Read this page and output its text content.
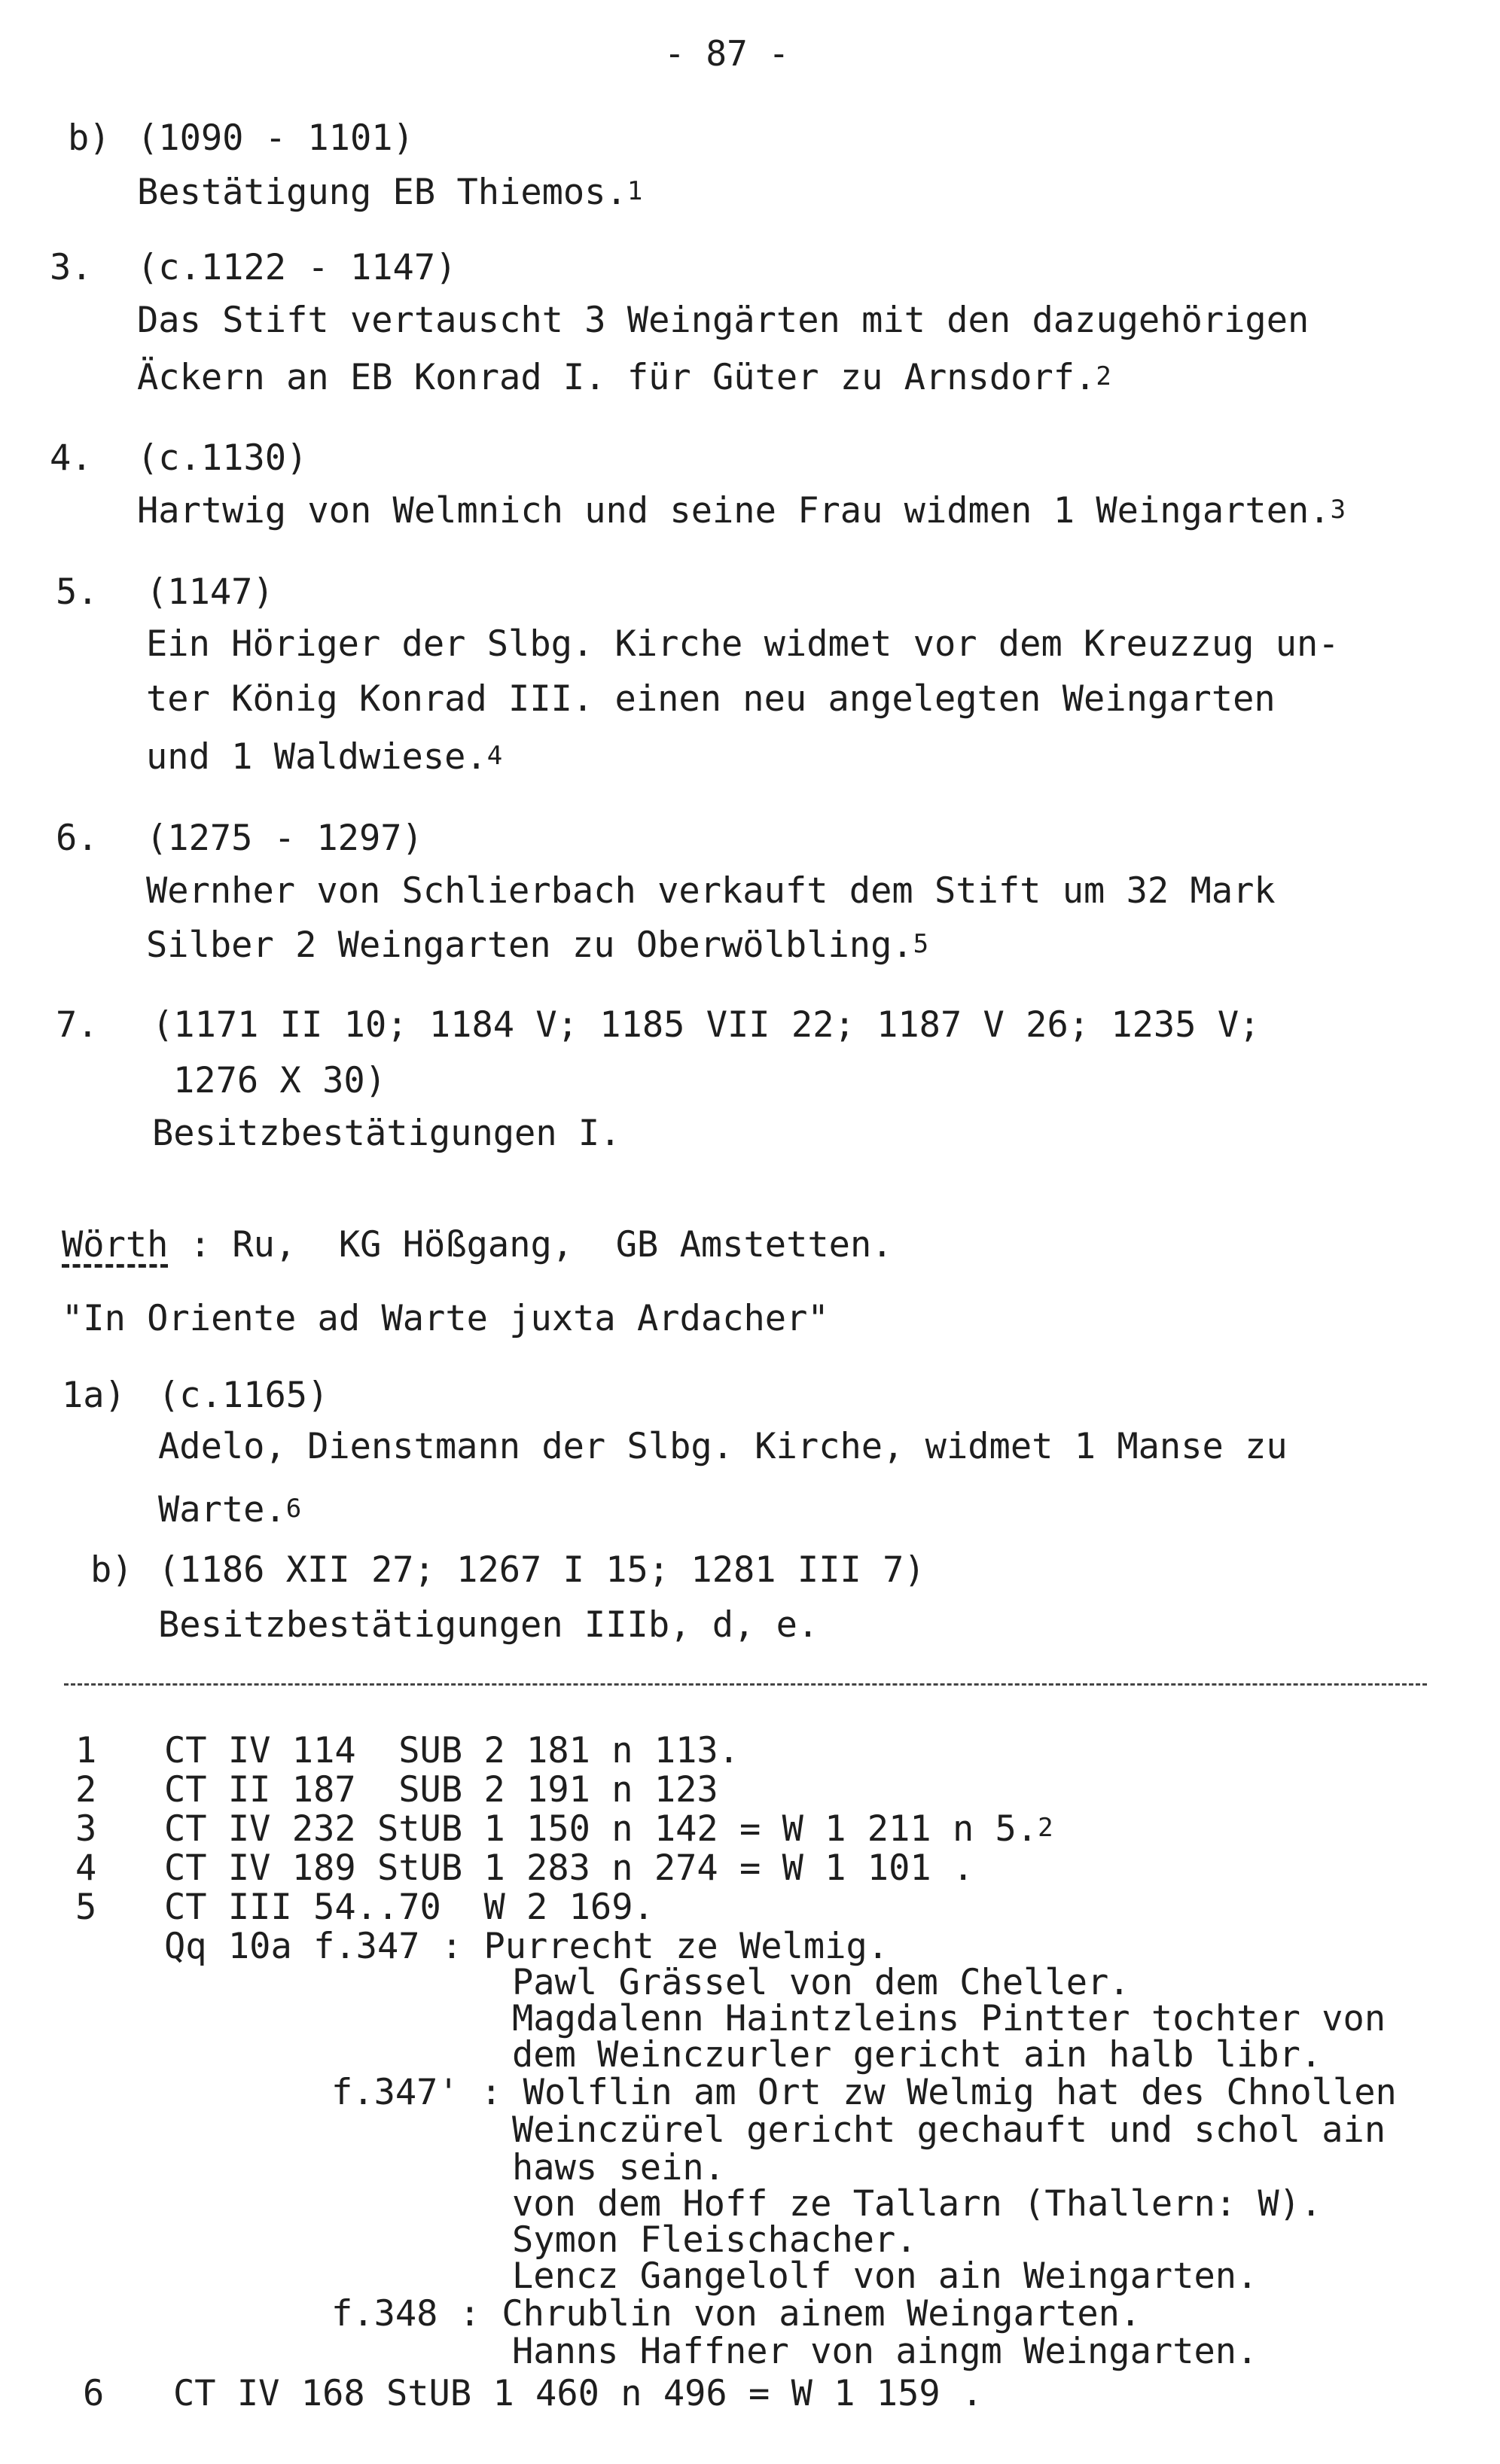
- 87 -
b) (1090 - 1101)
Bestätigung EB Thiemos.$^1$
3. (c.1122 - 1147)
Das Stift vertauscht 3 Weingärten mit den dazugehörigen
Äckern an EB Konrad I. für Güter zu Arnsdorf.$^2$
4. (c.1130)
Hartwig von Welmnich und seine Frau widmen 1 Weingarten.$^3$
5. (1147)
Ein Höriger der Slbg. Kirche widmet vor dem Kreuzzug un-
ter König Konrad III. einen neu angelegten Weingarten
und 1 Waldwiese.$^4$
6. (1275 - 1297)
Wernher von Schlierbach verkauft dem Stift um 32 Mark
Silber 2 Weingarten zu Oberwölbling.$^5$
7. (1171 II 10; 1184 V; 1185 VII 22; 1187 V 26; 1235 V;
1276 X 30)
Besitzbestätigungen I.
Wörth : Ru,  KG Hößgang,  GB Amstetten.
"In Oriente ad Warte juxta Ardacher"
1a) (c.1165)
Adelo, Dienstmann der Slbg. Kirche, widmet 1 Manse zu
Warte.$^6$
b) (1186 XII 27; 1267 I 15; 1281 III 7)
Besitzbestätigungen IIIb, d, e.
1 CT IV 114  SUB 2 181 n 113.
2 CT II 187  SUB 2 191 n 123
3 CT IV 232 StUB 1 150 n 142 = W 1 211 n 5.$^2$
4 CT IV 189 StUB 1 283 n 274 = W 1 101 .
5 CT III 54..70  W 2 169.
Qq 10a f.347 : Purrecht ze Welmig.
Pawl Grässel von dem Cheller.
Magdalenn Haintzleins Pintter tochter von
dem Weinczurler gericht ain halb libr.
f.347' : Wolflin am Ort zw Welmig hat des Chnollen
Weinczürel gericht gechauft und schol ain
haws sein.
von dem Hoff ze Tallarn (Thallern: W).
Symon Fleischacher.
Lencz Gangelolf von ain Weingarten.
f.348 : Chrublin von ainem Weingarten.
Hanns Haffner von aingm Weingarten.
6 CT IV 168 StUB 1 460 n 496 = W 1 159 .
